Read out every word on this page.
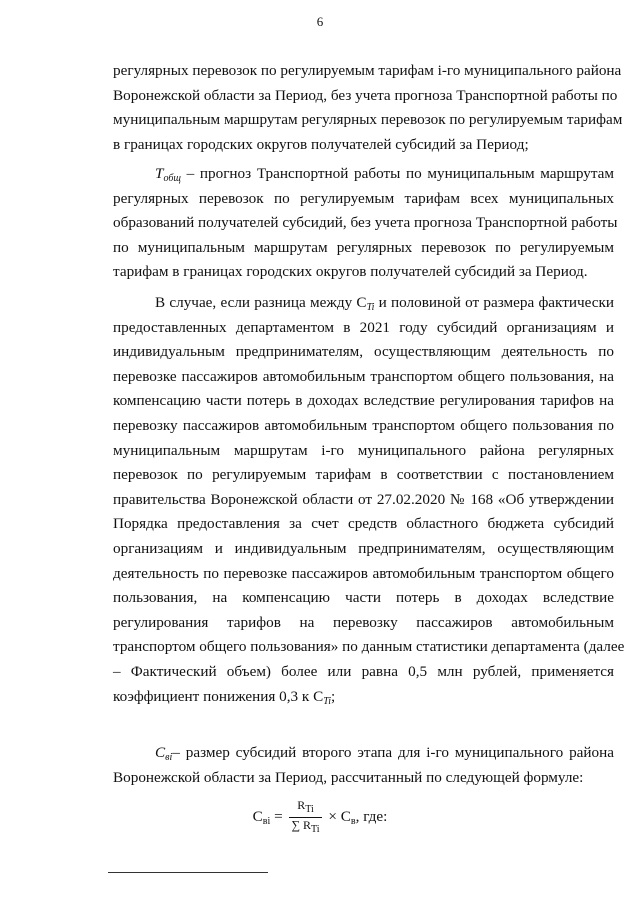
6
регулярных перевозок по регулируемым тарифам i-го муниципального района
Воронежской области за Период, без учета прогноза Транспортной работы по
муниципальным маршрутам регулярных перевозок по регулируемым тарифам
в границах городских округов получателей субсидий за Период;
$T_{общ}$ – прогноз Транспортной работы по муниципальным маршрутам
регулярных перевозок по регулируемым тарифам всех муниципальных
образований получателей субсидий, без учета прогноза Транспортной работы
по муниципальным маршрутам регулярных перевозок по регулируемым
тарифам в границах городских округов получателей субсидий за Период.
В случае, если разница между $С_{Ti}$ и половиной от размера фактически
предоставленных департаментом в 2021 году субсидий организациям и
индивидуальным предпринимателям, осуществляющим деятельность по
перевозке пассажиров автомобильным транспортом общего пользования, на
компенсацию части потерь в доходах вследствие регулирования тарифов на
перевозку пассажиров автомобильным транспортом общего пользования по
муниципальным маршрутам i-го муниципального района регулярных
перевозок по регулируемым тарифам в соответствии с постановлением
правительства Воронежской области от 27.02.2020 № 168 «Об утверждении
Порядка предоставления за счет средств областного бюджета субсидий
организациям и индивидуальным предпринимателям, осуществляющим
деятельность по перевозке пассажиров автомобильным транспортом общего
пользования, на компенсацию части потерь в доходах вследствие
регулирования тарифов на перевозку пассажиров автомобильным
транспортом общего пользования» по данным статистики департамента (далее
– Фактический объем) более или равна 0,5 млн рублей, применяется
коэффициент понижения 0,3 к $С_{Ti}$;
$С_{вi}-$ размер субсидий второго этапа для i-го муниципального района
Воронежской области за Период, рассчитанный по следующей формуле:
$С_{вi} = \frac{R_{Ti}}{\sum R_{Ti}} \times С_в$, где:
